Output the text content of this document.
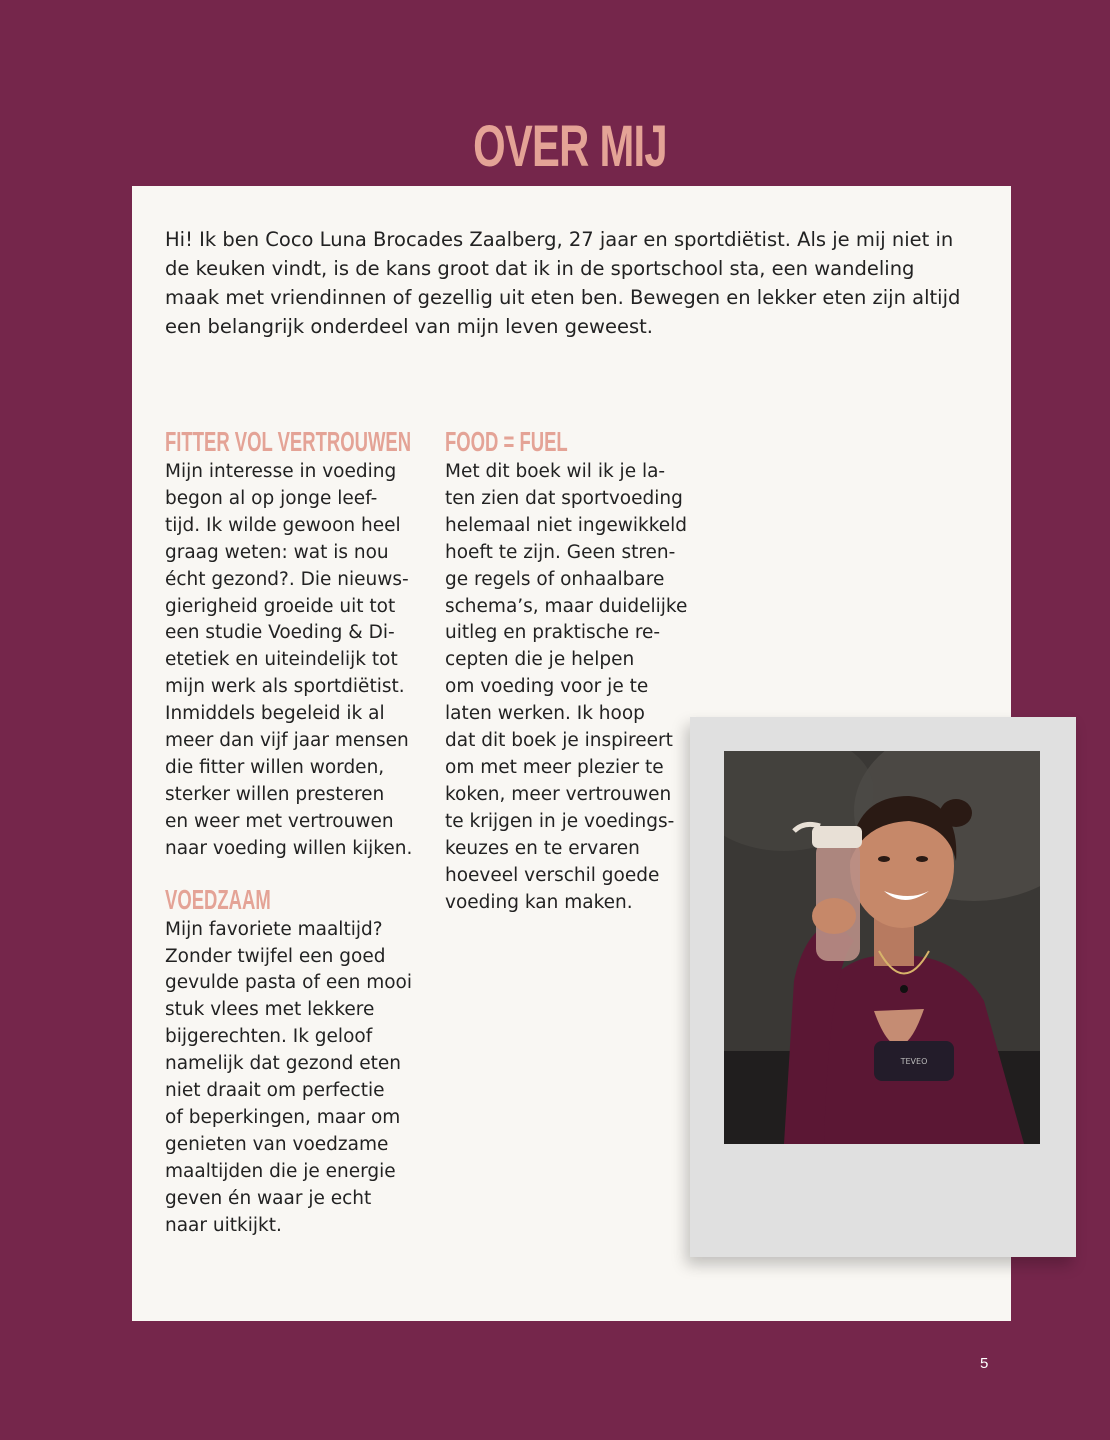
OVER MIJ

Hi! Ik ben Coco Luna Brocades Zaalberg, 27 jaar en sportdiëtist. Als je mij niet in de keuken vindt, is de kans groot dat ik in de sportschool sta, een wandeling maak met vriendinnen of gezellig uit eten ben. Bewegen en lekker eten zijn altijd een belangrijk onderdeel van mijn leven geweest.

FITTER VOL VERTROUWEN

Mijn interesse in voeding
begon al op jonge leef-
tijd. Ik wilde gewoon heel
graag weten: wat is nou
écht gezond?. Die nieuws-
gierigheid groeide uit tot
een studie Voeding & Di-
etetiek en uiteindelijk tot
mijn werk als sportdiëtist.
Inmiddels begeleid ik al
meer dan vijf jaar mensen
die fitter willen worden,
sterker willen presteren
en weer met vertrouwen
naar voeding willen kijken.

VOEDZAAM

Mijn favoriete maaltijd?
Zonder twijfel een goed
gevulde pasta of een mooi
stuk vlees met lekkere
bijgerechten. Ik geloof
namelijk dat gezond eten
niet draait om perfectie
of beperkingen, maar om
genieten van voedzame
maaltijden die je energie
geven én waar je echt
naar uitkijkt.

FOOD = FUEL

Met dit boek wil ik je la-
ten zien dat sportvoeding
helemaal niet ingewikkeld
hoeft te zijn. Geen stren-
ge regels of onhaalbare
schema’s, maar duidelijke
uitleg en praktische re-
cepten die je helpen
om voeding voor je te
laten werken. Ik hoop
dat dit boek je inspireert
om met meer plezier te
koken, meer vertrouwen
te krijgen in je voedings-
keuzes en te ervaren
hoeveel verschil goede
voeding kan maken.

TEVEO

5
